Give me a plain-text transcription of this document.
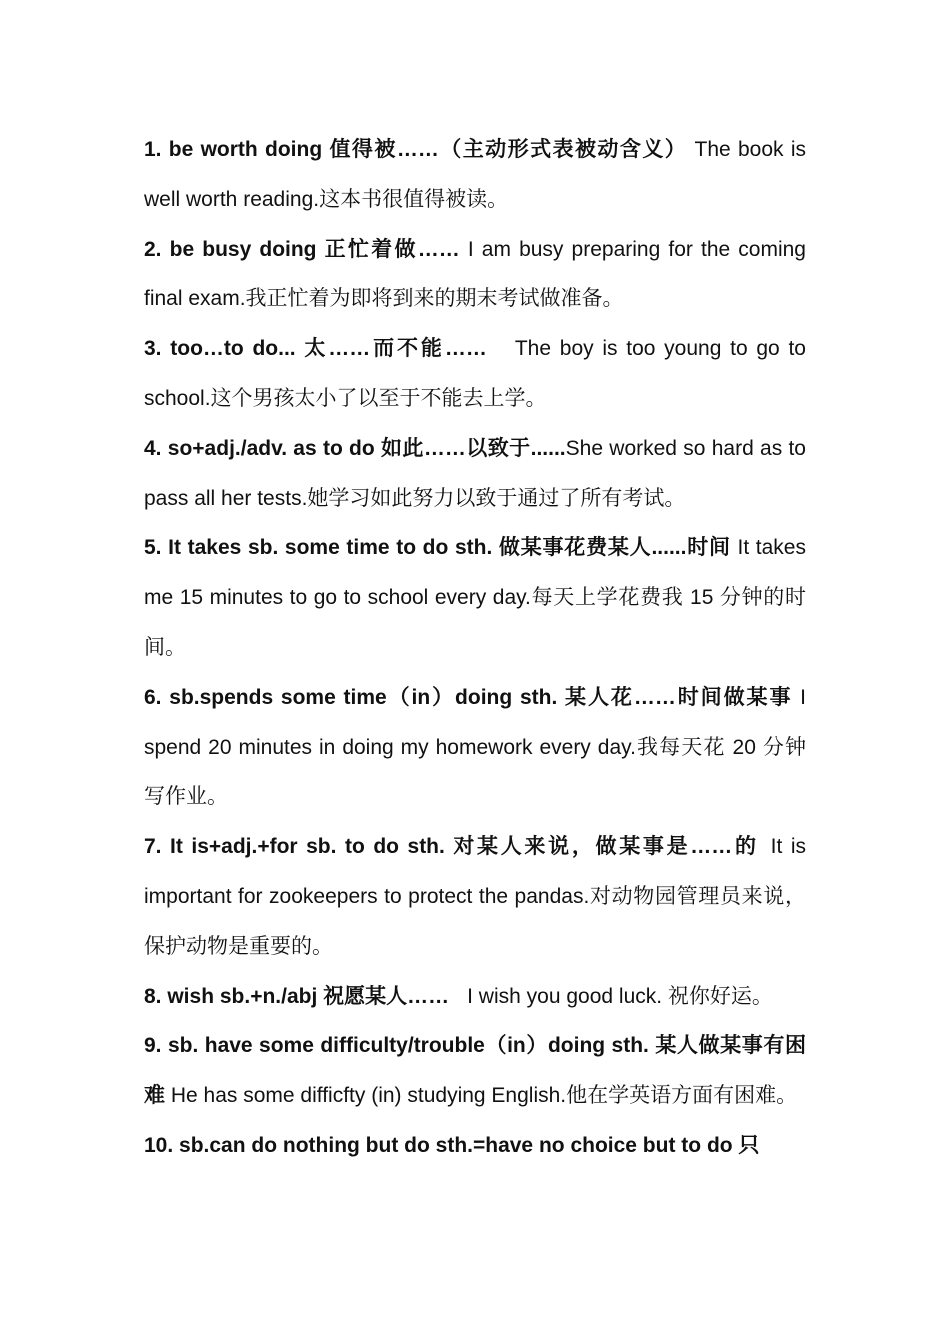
1. be worth doing 值得被……（主动形式表被动含义） The book is well worth reading.这本书很值得被读。

2. be busy doing 正忙着做…… I am busy preparing for the coming final exam.我正忙着为即将到来的期末考试做准备。

3. too…to do... 太……而不能…… The boy is too young to go to school.这个男孩太小了以至于不能去上学。

4. so+adj./adv. as to do 如此……以致于......She worked so hard as to pass all her tests.她学习如此努力以致于通过了所有考试。

5. It takes sb. some time to do sth. 做某事花费某人......时间 It takes me 15 minutes to go to school every day.每天上学花费我 15 分钟的时间。

6. sb.spends some time（in）doing sth. 某人花……时间做某事 I spend 20 minutes in doing my homework every day.我每天花 20 分钟写作业。

7. It is+adj.+for sb. to do sth. 对某人来说，做某事是……的 It is important for zookeepers to protect the pandas.对动物园管理员来说，保护动物是重要的。

8. wish sb.+n./abj 祝愿某人…… I wish you good luck. 祝你好运。

9. sb. have some difficulty/trouble（in）doing sth. 某人做某事有困难 He has some difficfty (in) studying English.他在学英语方面有困难。

10. sb.can do nothing but do sth.=have no choice but to do 只
